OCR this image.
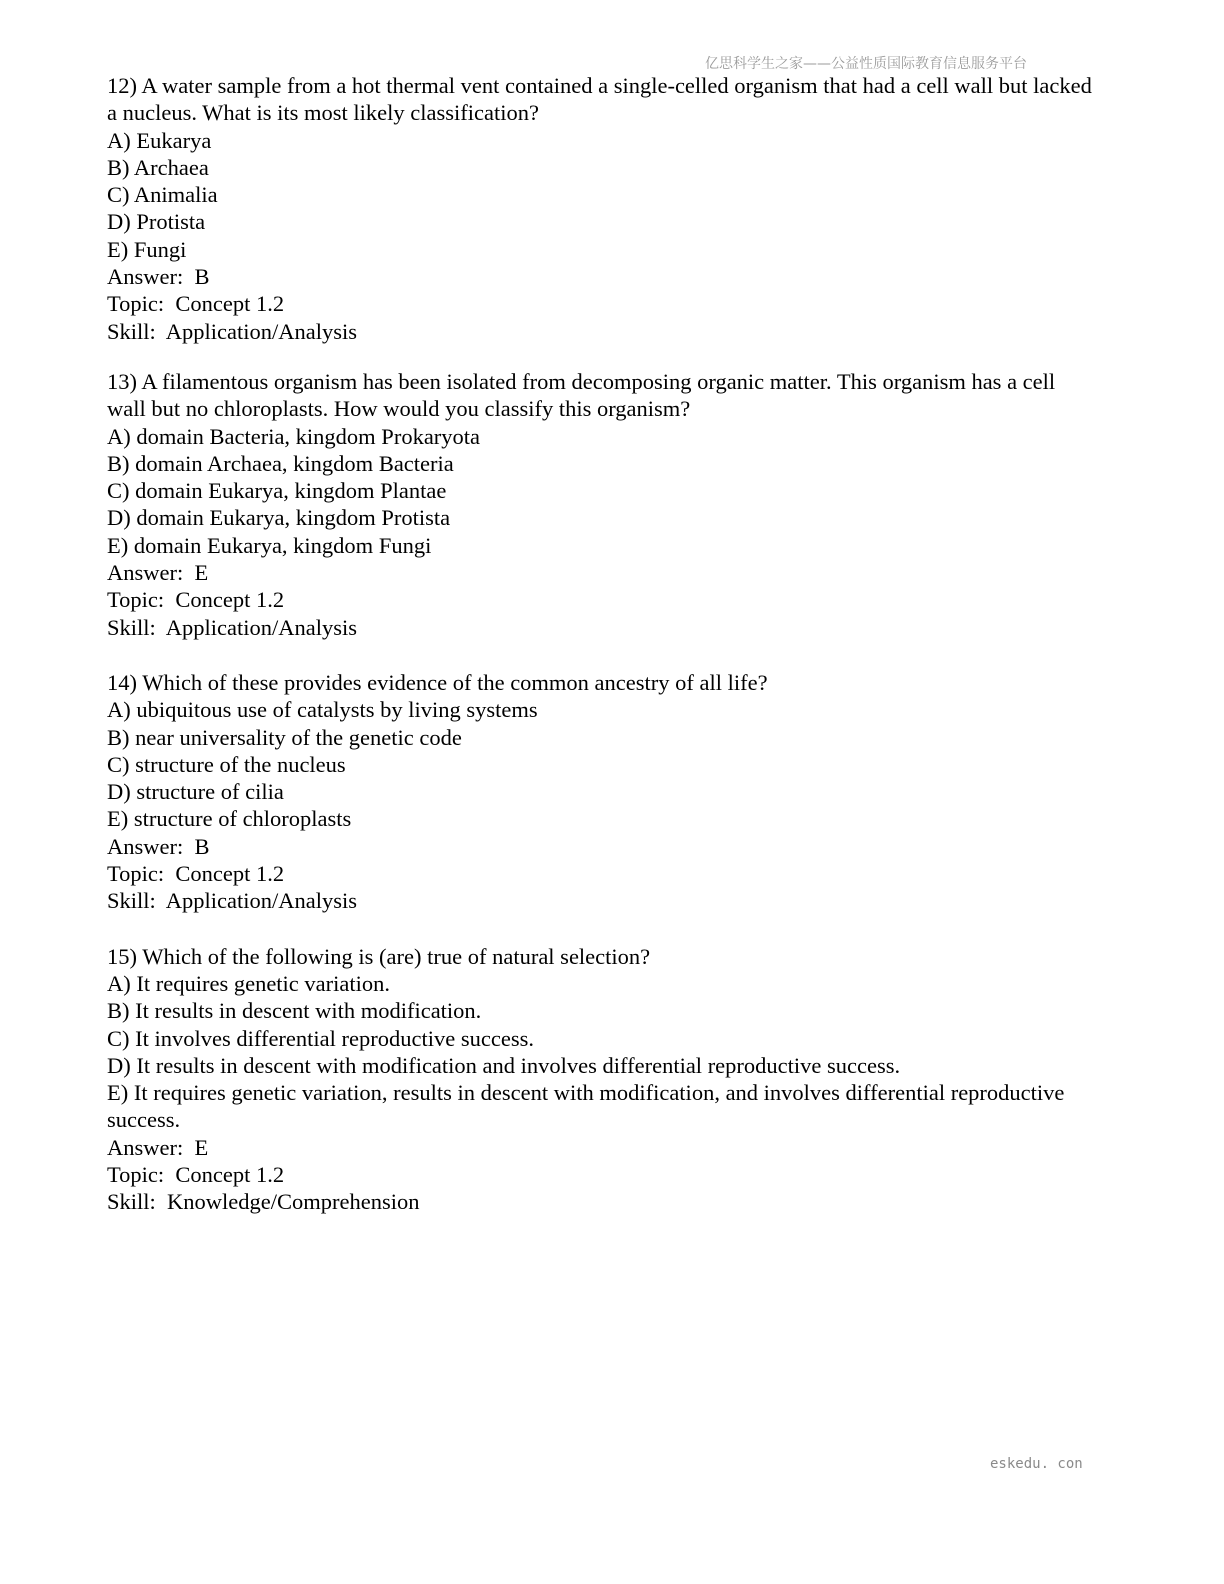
亿思科学生之家——公益性质国际教育信息服务平台
12) A water sample from a hot thermal vent contained a single-celled organism that had a cell wall but lacked a nucleus. What is its most likely classification?
A) Eukarya
B) Archaea
C) Animalia
D) Protista
E) Fungi
Answer:  B
Topic:  Concept 1.2
Skill:  Application/Analysis
13) A filamentous organism has been isolated from decomposing organic matter. This organism has a cell wall but no chloroplasts. How would you classify this organism?
A) domain Bacteria, kingdom Prokaryota
B) domain Archaea, kingdom Bacteria
C) domain Eukarya, kingdom Plantae
D) domain Eukarya, kingdom Protista
E) domain Eukarya, kingdom Fungi
Answer:  E
Topic:  Concept 1.2
Skill:  Application/Analysis
14) Which of these provides evidence of the common ancestry of all life?
A) ubiquitous use of catalysts by living systems
B) near universality of the genetic code
C) structure of the nucleus
D) structure of cilia
E) structure of chloroplasts
Answer:  B
Topic:  Concept 1.2
Skill:  Application/Analysis
15) Which of the following is (are) true of natural selection?
A) It requires genetic variation.
B) It results in descent with modification.
C) It involves differential reproductive success.
D) It results in descent with modification and involves differential reproductive success.
E) It requires genetic variation, results in descent with modification, and involves differential reproductive success.
Answer:  E
Topic:  Concept 1.2
Skill:  Knowledge/Comprehension
eskedu. con
